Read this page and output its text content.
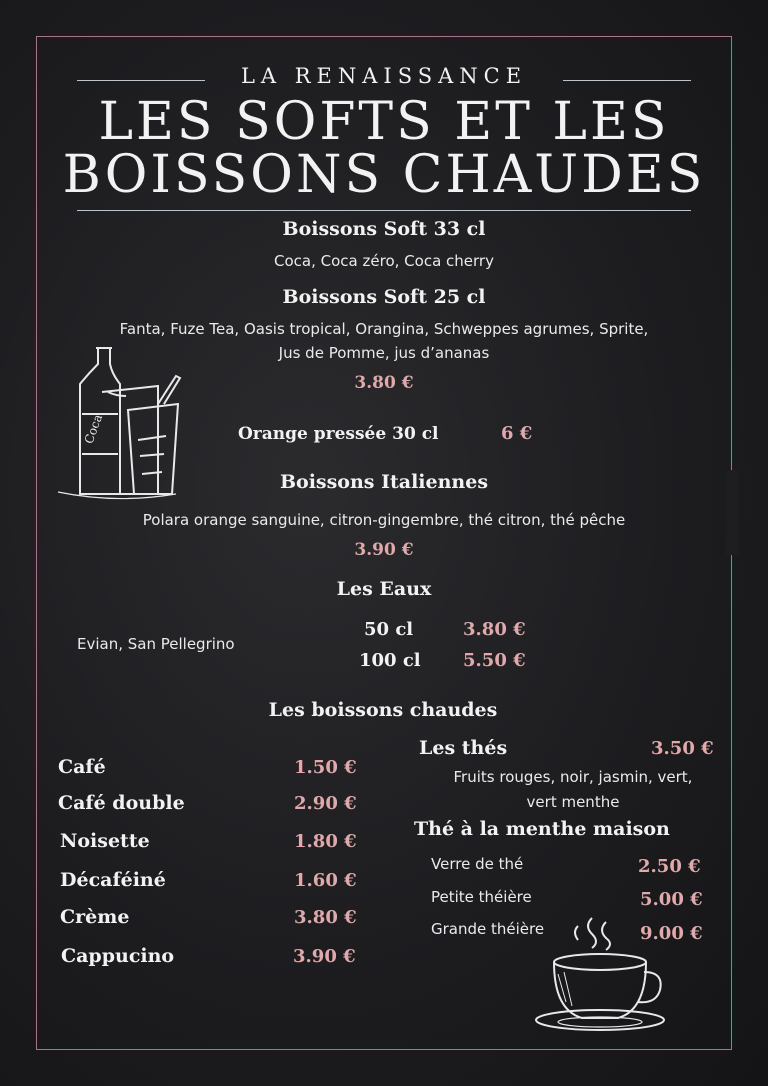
LA RENAISSANCE
LES SOFTS ET LES
BOISSONS CHAUDES
Boissons Soft 33 cl
Coca, Coca zéro, Coca cherry
Boissons Soft 25 cl
Fanta, Fuze Tea, Oasis tropical, Orangina, Schweppes agrumes, Sprite,
Jus de Pomme, jus d’ananas
3.80 €
Coca	Orange pressée 30 cl	6 €
Boissons Italiennes
Polara orange sanguine, citron-gingembre, thé citron, thé pêche
3.90 €
Les Eaux
Evian, San Pellegrino
50 cl	3.80 €
100 cl 5.50 €
Les boissons chaudes
Café	1.50 €
Café double	2.90 €
Noisette	1.80 €
Décaféiné	1.60 €
Crème	3.80 €
Cappucino	3.90 €
Les thés	3.50 €
Fruits rouges, noir, jasmin, vert,
vert menthe
Thé à la menthe maison
Verre de thé	2.50 €
Petite théière	5.00 €
Grande théière	9.00 €
